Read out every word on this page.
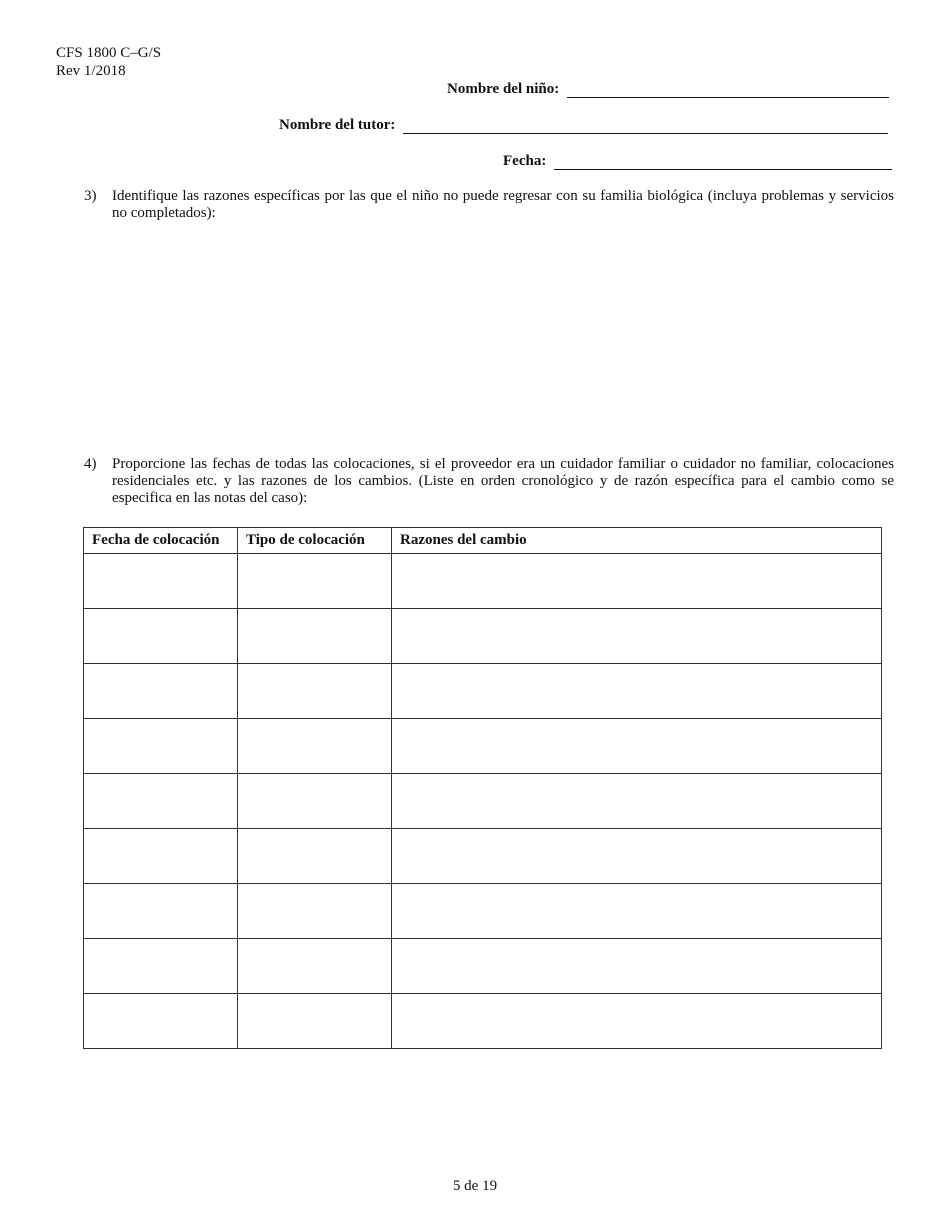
CFS 1800 C–G/S
Rev 1/2018
Nombre del niño:
Nombre del tutor:
Fecha:
3)	Identifique las razones específicas por las que el niño no puede regresar con su familia biológica (incluya problemas y servicios no completados):
4)	Proporcione las fechas de todas las colocaciones, si el proveedor era un cuidador familiar o cuidador no familiar, colocaciones residenciales etc. y las razones de los cambios. (Liste en orden cronológico y de razón específica para el cambio como se especifica en las notas del caso):
Fecha de colocación	Tipo de colocación	Razones del cambio

5 de 19
